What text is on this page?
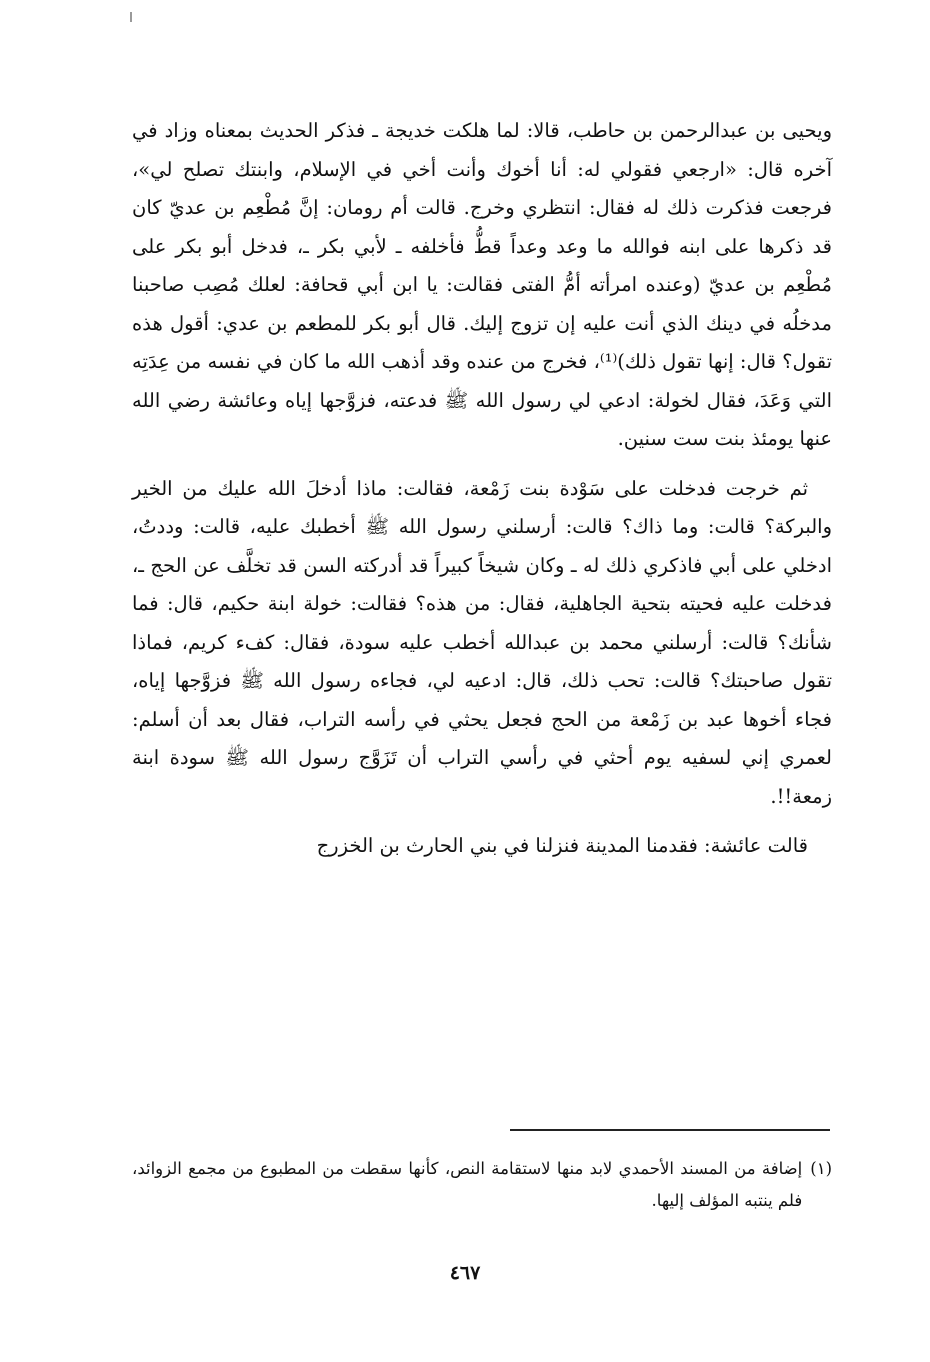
ويحيى بن عبدالرحمن بن حاطب، قالا: لما هلكت خديجة ـ فذكر الحديث بمعناه وزاد في آخره قال: «ارجعي فقولي له: أنا أخوك وأنت أخي في الإسلام، وابنتك تصلح لي»، فرجعت فذكرت ذلك له فقال: انتظري وخرج. قالت أم رومان: إنَّ مُطْعِم بن عديّ كان قد ذكرها على ابنه فوالله ما وعد وعداً قطُّ فأخلفه ـ لأبي بكر ـ، فدخل أبو بكر على مُطْعِم بن عديّ (وعنده امرأته أمُّ الفتى فقالت: يا ابن أبي قحافة: لعلك مُصِب صاحبنا مدخلُه في دينك الذي أنت عليه إن تزوج إليك. قال أبو بكر للمطعم بن عدي: أقول هذه تقول؟ قال: إنها تقول ذلك)⁽¹⁾، فخرج من عنده وقد أذهب الله ما كان في نفسه من عِدَتِه التي وَعَدَ، فقال لخولة: ادعي لي رسول الله ﷺ فدعته، فزوَّجها إياه وعائشة رضي الله عنها يومئذ بنت ست سنين.

ثم خرجت فدخلت على سَوْدة بنت زَمْعة، فقالت: ماذا أدخلَ الله عليك من الخير والبركة؟ قالت: وما ذاك؟ قالت: أرسلني رسول الله ﷺ أخطبك عليه، قالت: وددتُ، ادخلي على أبي فاذكري ذلك له ـ وكان شيخاً كبيراً قد أدركته السن قد تخلَّف عن الحج ـ، فدخلت عليه فحيته بتحية الجاهلية، فقال: من هذه؟ فقالت: خولة ابنة حكيم، قال: فما شأنك؟ قالت: أرسلني محمد بن عبدالله أخطب عليه سودة، فقال: كفء كريم، فماذا تقول صاحبتك؟ قالت: تحب ذلك، قال: ادعيه لي، فجاءه رسول الله ﷺ فزوَّجها إياه، فجاء أخوها عبد بن زَمْعة من الحج فجعل يحثي في رأسه التراب، فقال بعد أن أسلم: لعمري إني لسفيه يوم أحثي في رأسي التراب أن تَزَوَّج رسول الله ﷺ سودة ابنة زمعة!!.

قالت عائشة: فقدمنا المدينة فنزلنا في بني الحارث بن الخزرج

(١)
إضافة من المسند الأحمدي لابد منها لاستقامة النص، كأنها سقطت من المطبوع من مجمع الزوائد، فلم ينتبه المؤلف إليها.
٤٦٧
